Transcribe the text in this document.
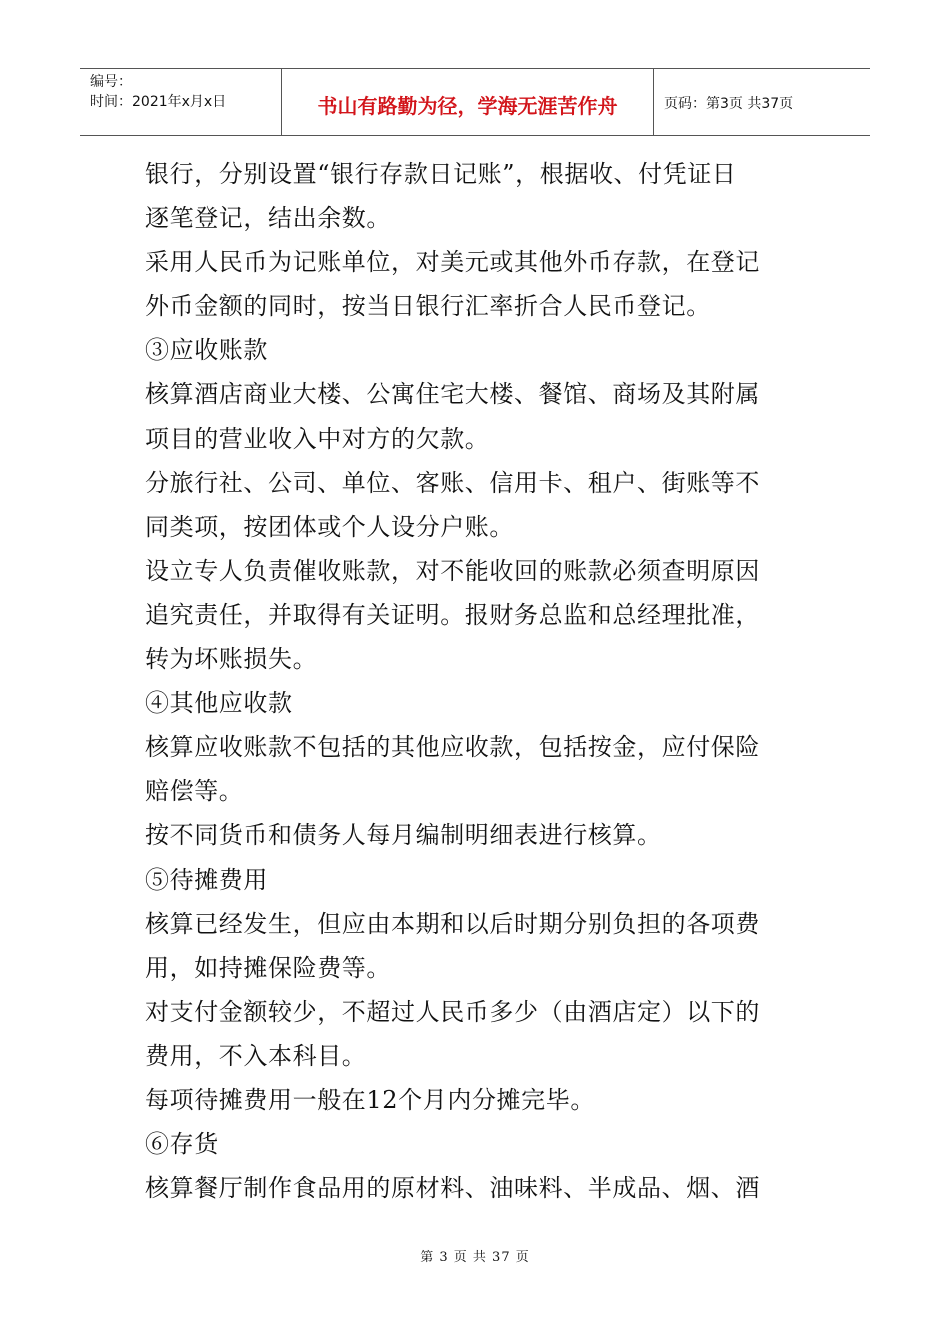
编号：
时间：2021年x月x日	书山有路勤为径，学海无涯苦作舟	页码：第3页 共37页
银行，分别设置“银行存款日记账”，根据收、付凭证日
逐笔登记，结出余数。
采用人民币为记账单位，对美元或其他外币存款，在登记
外币金额的同时，按当日银行汇率折合人民币登记。
③应收账款
核算酒店商业大楼、公寓住宅大楼、餐馆、商场及其附属
项目的营业收入中对方的欠款。
分旅行社、公司、单位、客账、信用卡、租户、街账等不
同类项，按团体或个人设分户账。
设立专人负责催收账款，对不能收回的账款必须查明原因
追究责任，并取得有关证明。报财务总监和总经理批准，
转为坏账损失。
④其他应收款
核算应收账款不包括的其他应收款，包括按金，应付保险
赔偿等。
按不同货币和债务人每月编制明细表进行核算。
⑤待摊费用
核算已经发生，但应由本期和以后时期分别负担的各项费
用，如持摊保险费等。
对支付金额较少，不超过人民币多少（由酒店定）以下的
费用，不入本科目。
每项待摊费用一般在12个月内分摊完毕。
⑥存货
核算餐厅制作食品用的原材料、油味料、半成品、烟、酒
第 3 页 共 37 页
